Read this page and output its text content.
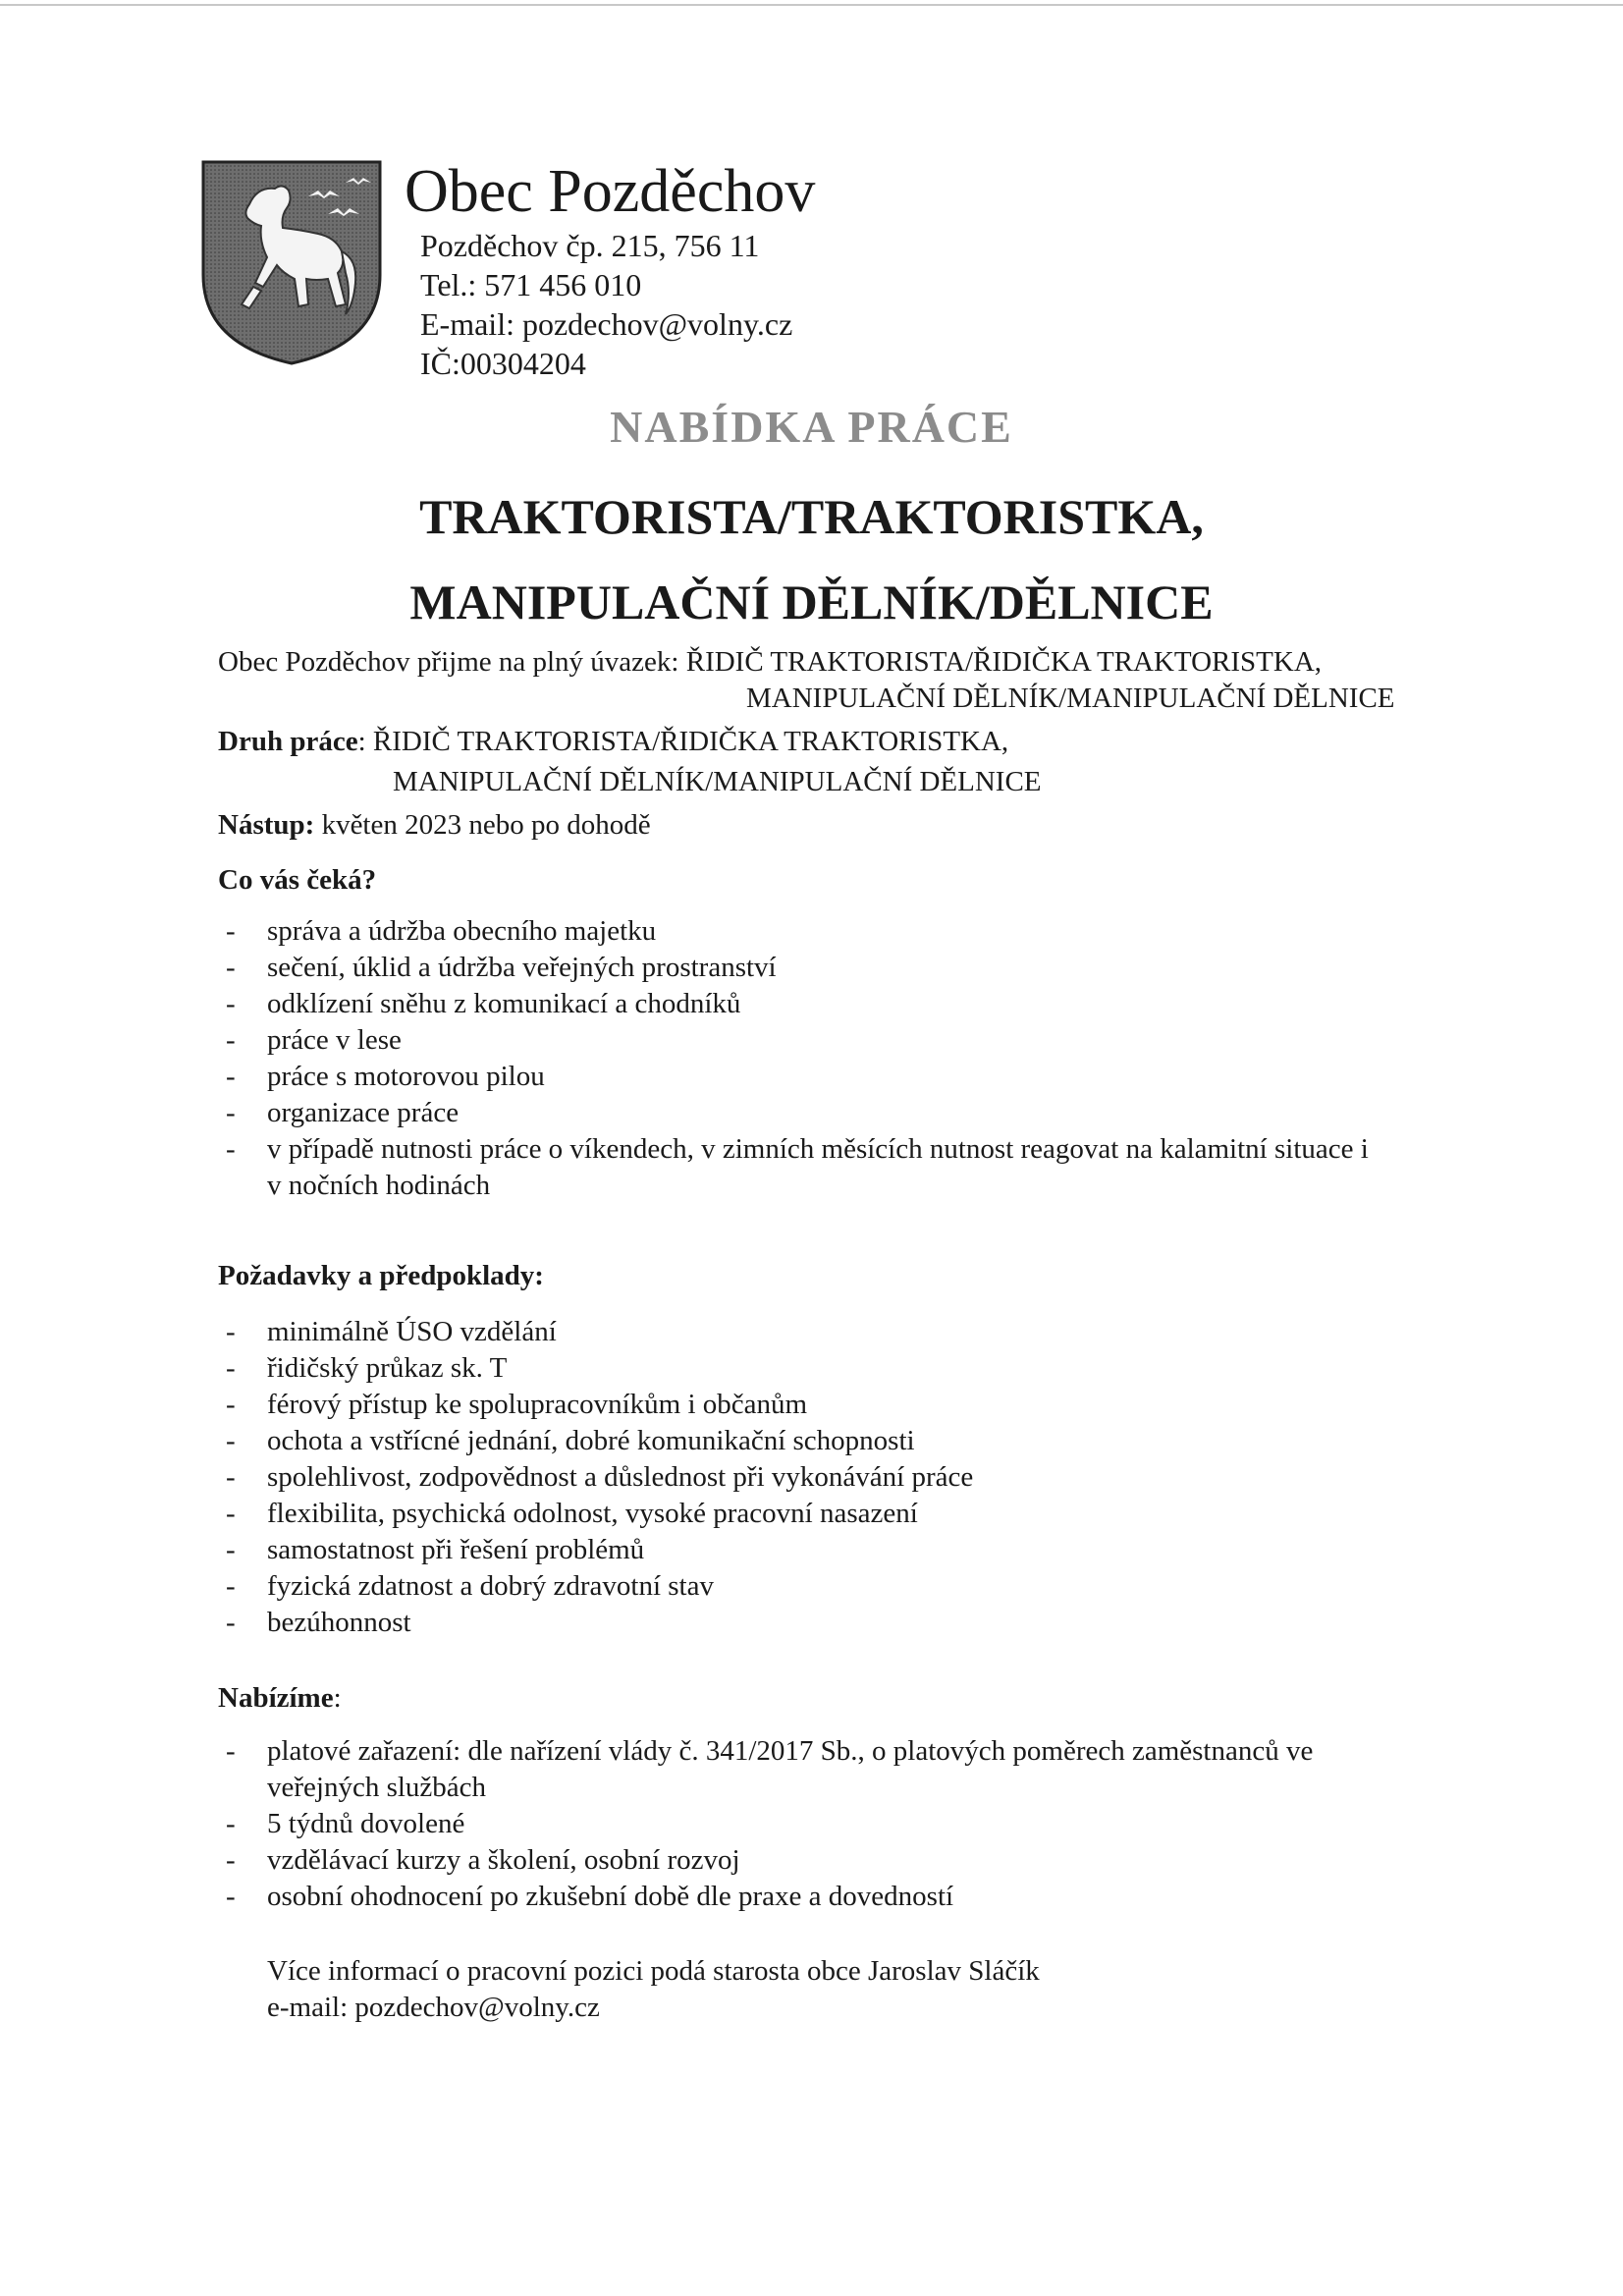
Obec Pozděchov

Pozděchov čp. 215, 756 11

Tel.: 571 456 010

E-mail: pozdechov@volny.cz

IČ:00304204

NABÍDKA PRÁCE

TRAKTORISTA/TRAKTORISTKA,

MANIPULAČNÍ DĚLNÍK/DĚLNICE

Obec Pozděchov přijme na plný úvazek: ŘIDIČ TRAKTORISTA/ŘIDIČKA TRAKTORISTKA,

MANIPULAČNÍ DĚLNÍK/MANIPULAČNÍ DĚLNICE

Druh práce: ŘIDIČ TRAKTORISTA/ŘIDIČKA TRAKTORISTKA,

MANIPULAČNÍ DĚLNÍK/MANIPULAČNÍ DĚLNICE

Nástup: květen 2023 nebo po dohodě

Co vás čeká?

- správa a údržba obecního majetku
- sečení, úklid a údržba veřejných prostranství
- odklízení sněhu z komunikací a chodníků
- práce v lese
- práce s motorovou pilou
- organizace práce
- v případě nutnosti práce o víkendech, v zimních měsících nutnost reagovat na kalamitní situace i
v nočních hodinách

Požadavky a předpoklady:

- minimálně ÚSO vzdělání
- řidičský průkaz sk. T
- férový přístup ke spolupracovníkům i občanům
- ochota a vstřícné jednání, dobré komunikační schopnosti
- spolehlivost, zodpovědnost a důslednost při vykonávání práce
- flexibilita, psychická odolnost, vysoké pracovní nasazení
- samostatnost při řešení problémů
- fyzická zdatnost a dobrý zdravotní stav
- bezúhonnost

Nabízíme:

- platové zařazení: dle nařízení vlády č. 341/2017 Sb., o platových poměrech zaměstnanců ve
veřejných službách
- 5 týdnů dovolené
- vzdělávací kurzy a školení, osobní rozvoj
- osobní ohodnocení po zkušební době dle praxe a dovedností

Více informací o pracovní pozici podá starosta obce Jaroslav Sláčík

e-mail: pozdechov@volny.cz
